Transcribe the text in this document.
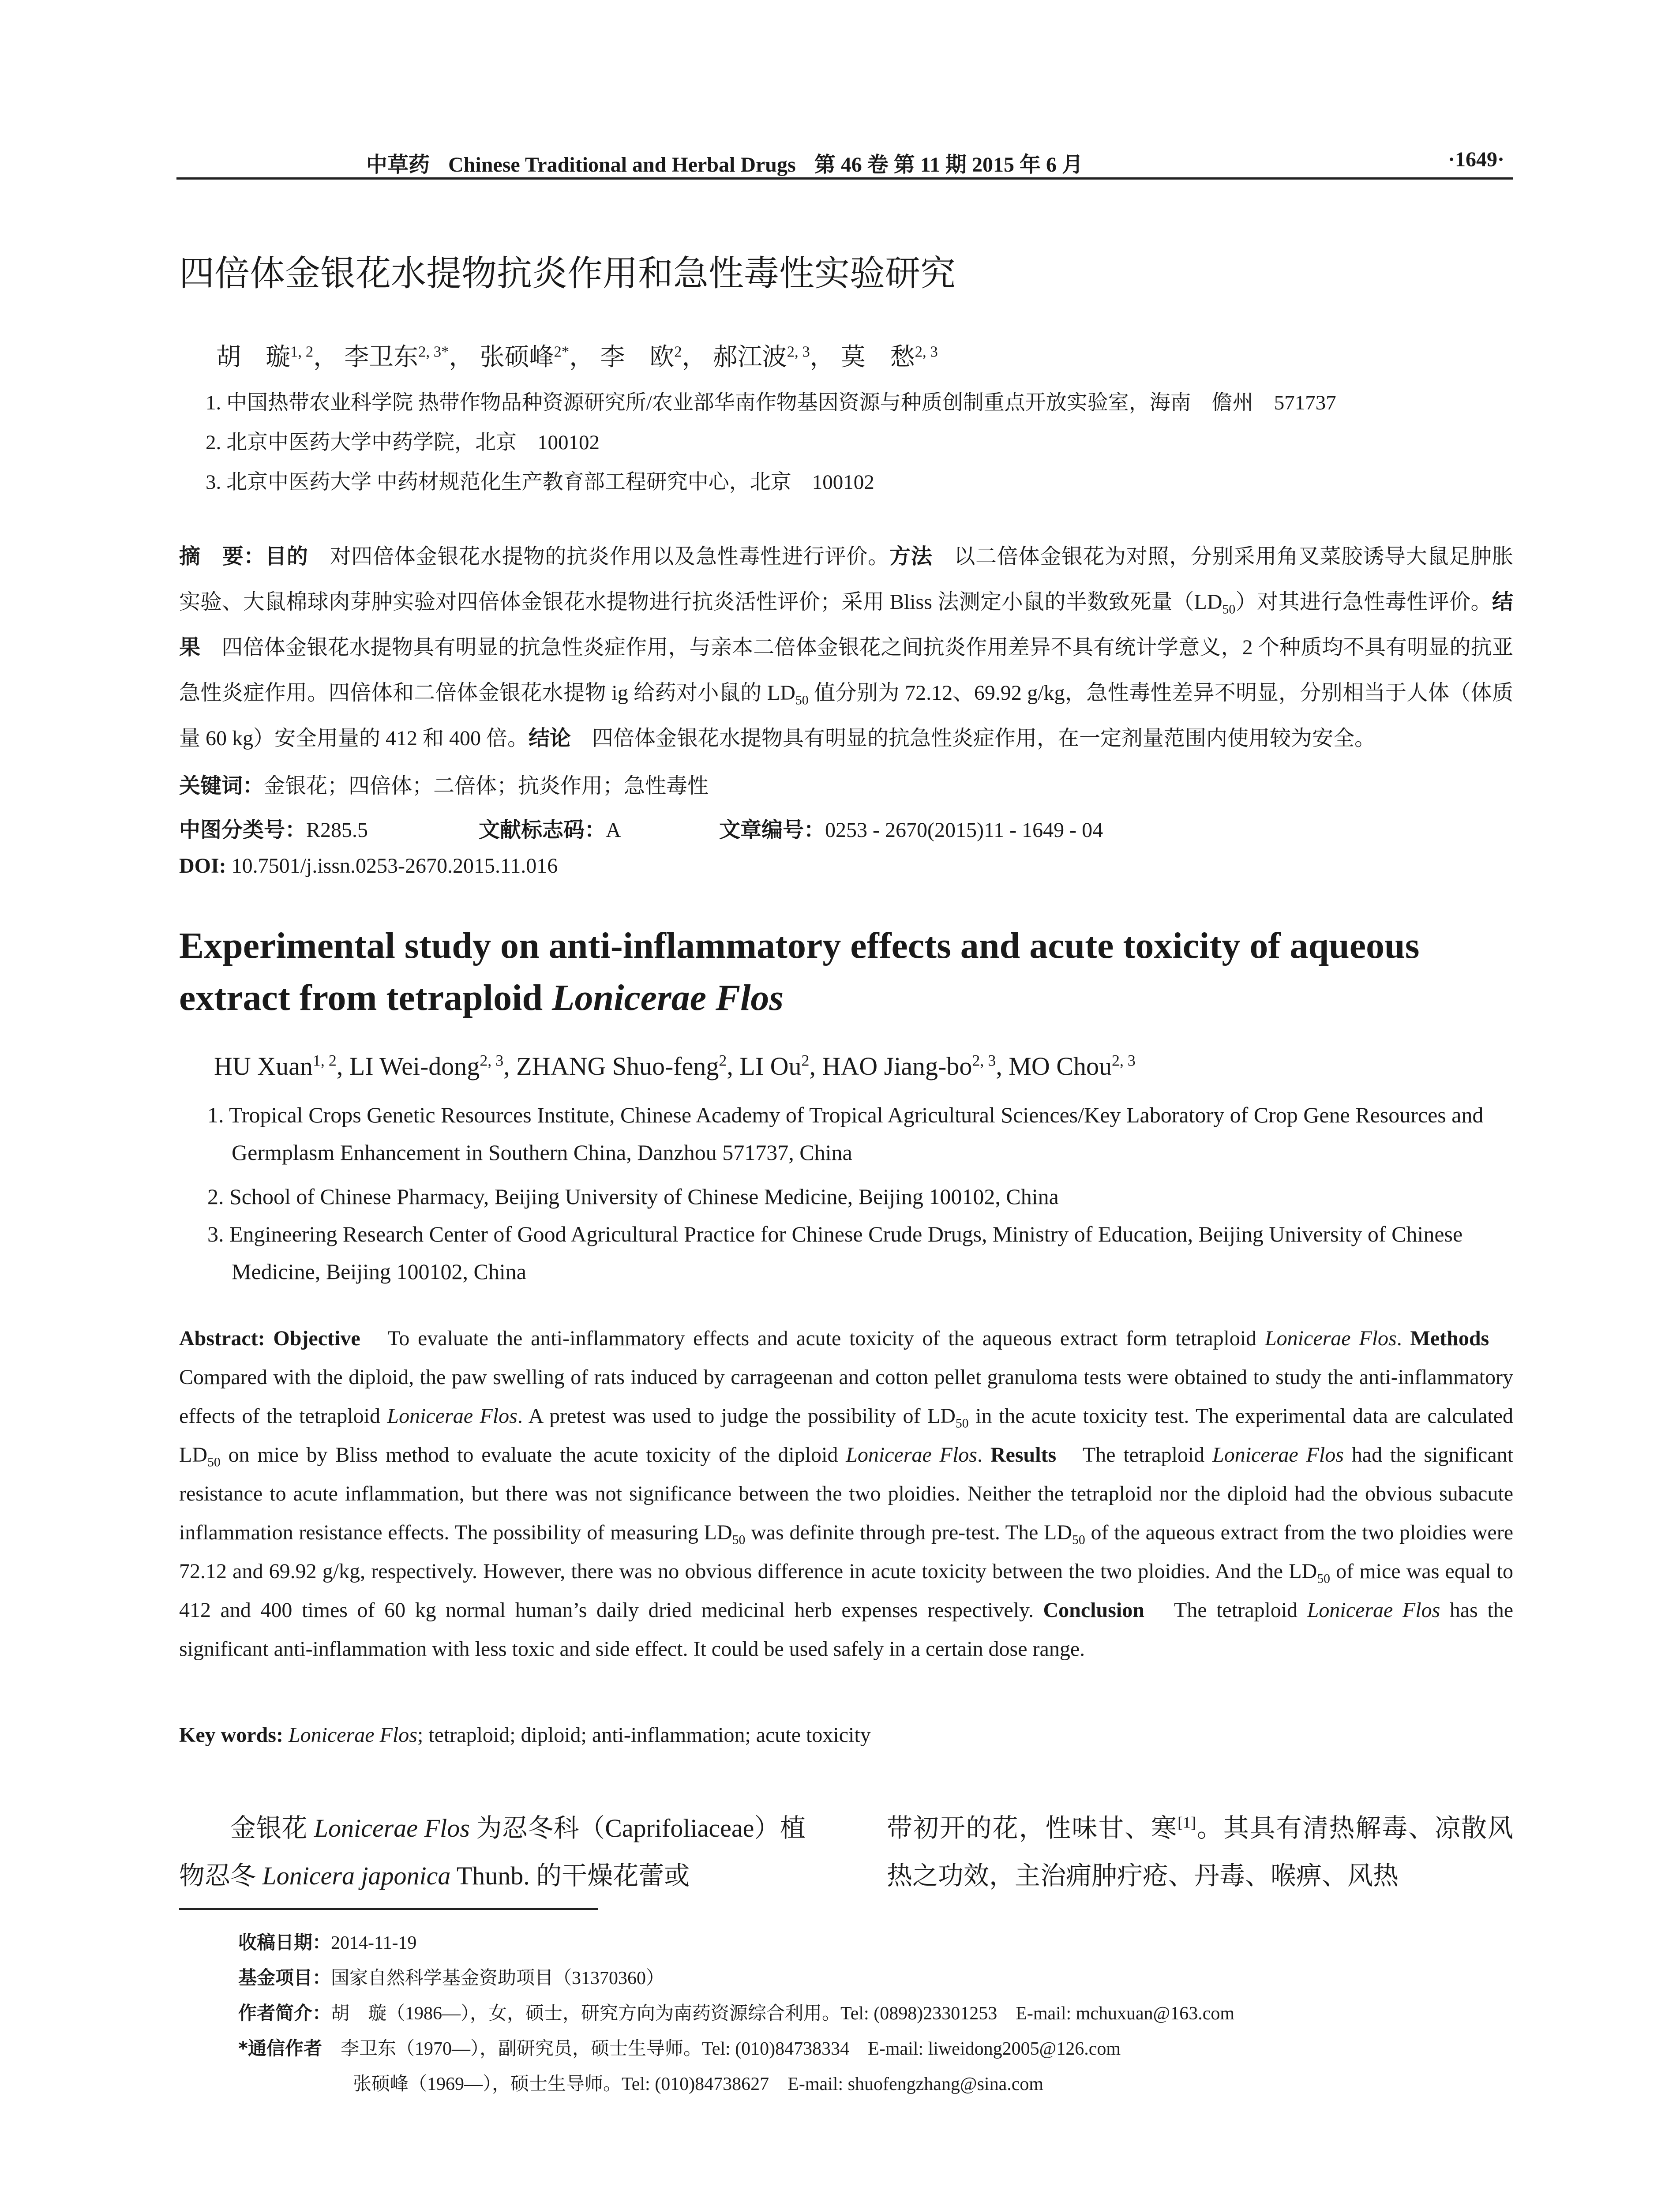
中草药 Chinese Traditional and Herbal Drugs 第 46 卷 第 11 期 2015 年 6 月	·1649·
四倍体金银花水提物抗炎作用和急性毒性实验研究
胡　璇$^{1, 2}$， 李卫东$^{2, 3*}$， 张硕峰$^{2*}$， 李　欧$^2$， 郝江波$^{2, 3}$， 莫　愁$^{2, 3}$
1. 中国热带农业科学院 热带作物品种资源研究所/农业部华南作物基因资源与种质创制重点开放实验室，海南　儋州　571737
2. 北京中医药大学中药学院，北京　100102
3. 北京中医药大学 中药材规范化生产教育部工程研究中心，北京　100102
摘　要：目的　对四倍体金银花水提物的抗炎作用以及急性毒性进行评价。方法　以二倍体金银花为对照，分别采用角叉菜胶诱导大鼠足肿胀实验、大鼠棉球肉芽肿实验对四倍体金银花水提物进行抗炎活性评价；采用 Bliss 法测定小鼠的半数致死量$(LD_{50})$对其进行急性毒性评价。结果　四倍体金银花水提物具有明显的抗急性炎症作用，与亲本二倍体金银花之间抗炎作用差异不具有统计学意义，2 个种质均不具有明显的抗亚急性炎症作用。四倍体和二倍体金银花水提物 ig 给药对小鼠的 $LD_{50}$ 值分别为 72.12、69.92 g/kg，急性毒性差异不明显，分别相当于人体（体质量 60 kg）安全用量的 412 和 400 倍。结论　四倍体金银花水提物具有明显的抗急性炎症作用，在一定剂量范围内使用较为安全。
关键词：金银花；四倍体；二倍体；抗炎作用；急性毒性
中图分类号：R285.5	文献标志码：A	文章编号：0253 - 2670(2015)11 - 1649 - 04
DOI: 10.7501/j.issn.0253-2670.2015.11.016
Experimental study on anti-inflammatory effects and acute toxicity of aqueous extract from tetraploid Lonicerae Flos
HU Xuan$^{1, 2}$, LI Wei-dong$^{2, 3}$, ZHANG Shuo-feng$^2$, LI Ou$^2$, HAO Jiang-bo$^{2, 3}$, MO Chou$^{2, 3}$
1. Tropical Crops Genetic Resources Institute, Chinese Academy of Tropical Agricultural Sciences/Key Laboratory of Crop Gene Resources and Germplasm Enhancement in Southern China, Danzhou 571737, China
2. School of Chinese Pharmacy, Beijing University of Chinese Medicine, Beijing 100102, China
3. Engineering Research Center of Good Agricultural Practice for Chinese Crude Drugs, Ministry of Education, Beijing University of Chinese Medicine, Beijing 100102, China
Abstract: Objective　To evaluate the anti-inflammatory effects and acute toxicity of the aqueous extract form tetraploid Lonicerae Flos. Methods　Compared with the diploid, the paw swelling of rats induced by carrageenan and cotton pellet granuloma tests were obtained to study the anti-inflammatory effects of the tetraploid Lonicerae Flos. A pretest was used to judge the possibility of $LD_{50}$ in the acute toxicity test. The experimental data are calculated $LD_{50}$ on mice by Bliss method to evaluate the acute toxicity of the diploid Lonicerae Flos. Results　The tetraploid Lonicerae Flos had the significant resistance to acute inflammation, but there was not significance between the two ploidies. Neither the tetraploid nor the diploid had the obvious subacute inflammation resistance effects. The possibility of measuring $LD_{50}$ was definite through pre-test. The $LD_{50}$ of the aqueous extract from the two ploidies were 72.12 and 69.92 g/kg, respectively. However, there was no obvious difference in acute toxicity between the two ploidies. And the $LD_{50}$ of mice was equal to 412 and 400 times of 60 kg normal human’s daily dried medicinal herb expenses respectively. Conclusion　The tetraploid Lonicerae Flos has the significant anti-inflammation with less toxic and side effect. It could be used safely in a certain dose range.
Key words: Lonicerae Flos; tetraploid; diploid; anti-inflammation; acute toxicity
金银花 Lonicerae Flos 为忍冬科（Caprifoliaceae）植物忍冬 Lonicera japonica Thunb. 的干燥花蕾或
带初开的花，性味甘、寒[1]。其具有清热解毒、凉散风热之功效，主治痈肿疔疮、丹毒、喉痹、风热
收稿日期：2014-11-19
基金项目：国家自然科学基金资助项目（31370360）
作者简介：胡　璇（1986—），女，硕士，研究方向为南药资源综合利用。Tel: (0898)23301253　E-mail: mchuxuan@163.com
*通信作者　李卫东（1970—），副研究员，硕士生导师。Tel: (010)84738334　E-mail: liweidong2005@126.com
张硕峰（1969—），硕士生导师。Tel: (010)84738627　E-mail: shuofengzhang@sina.com
